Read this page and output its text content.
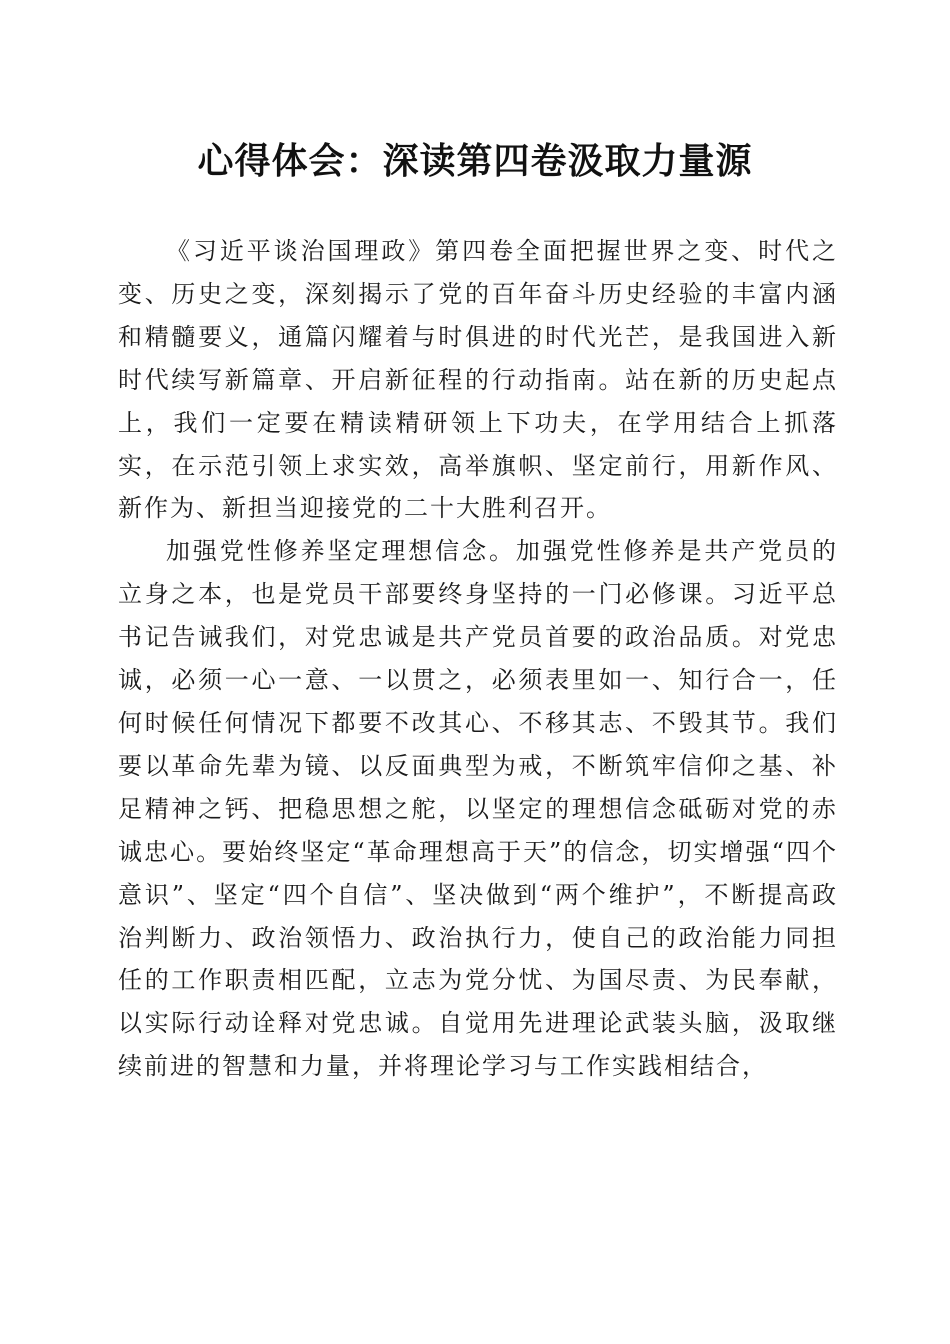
心得体会：深读第四卷汲取力量源

《习近平谈治国理政》第四卷全面把握世界之变、时代之变、历史之变，深刻揭示了党的百年奋斗历史经验的丰富内涵和精髓要义，通篇闪耀着与时俱进的时代光芒，是我国进入新时代续写新篇章、开启新征程的行动指南。站在新的历史起点上，我们一定要在精读精研领上下功夫，在学用结合上抓落实，在示范引领上求实效，高举旗帜、坚定前行，用新作风、新作为、新担当迎接党的二十大胜利召开。

加强党性修养坚定理想信念。加强党性修养是共产党员的立身之本，也是党员干部要终身坚持的一门必修课。习近平总书记告诫我们，对党忠诚是共产党员首要的政治品质。对党忠诚，必须一心一意、一以贯之，必须表里如一、知行合一，任何时候任何情况下都要不改其心、不移其志、不毁其节。我们要以革命先辈为镜、以反面典型为戒，不断筑牢信仰之基、补足精神之钙、把稳思想之舵，以坚定的理想信念砥砺对党的赤诚忠心。要始终坚定“革命理想高于天”的信念，切实增强“四个意识”、坚定“四个自信”、坚决做到“两个维护”，不断提高政治判断力、政治领悟力、政治执行力，使自己的政治能力同担任的工作职责相匹配，立志为党分忧、为国尽责、为民奉献，以实际行动诠释对党忠诚。自觉用先进理论武装头脑，汲取继续前进的智慧和力量，并将理论学习与工作实践相结合，
